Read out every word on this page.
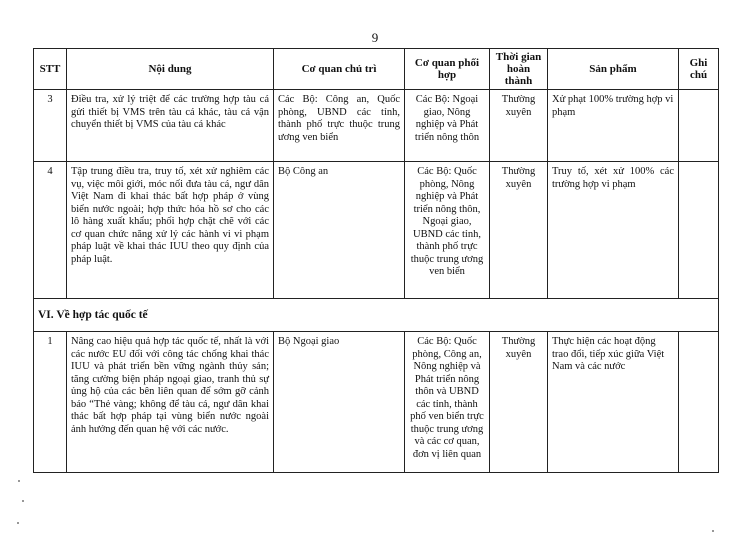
9
STT	Nội dung	Cơ quan chủ trì	Cơ quan phối hợp	Thời gian hoàn thành	Sản phẩm	Ghi chú
3	Điều tra, xử lý triệt để các trường hợp tàu cá gửi thiết bị VMS trên tàu cá khác, tàu cá vận chuyển thiết bị VMS của tàu cá khác	Các Bộ: Công an, Quốc phòng, UBND các tỉnh, thành phố trực thuộc trung ương ven biển	Các Bộ: Ngoại giao, Nông nghiệp và Phát triển nông thôn	Thường xuyên	Xử phạt 100% trường hợp vi phạm	
4	Tập trung điều tra, truy tố, xét xử nghiêm các vụ, việc môi giới, móc nối đưa tàu cá, ngư dân Việt Nam đi khai thác bất hợp pháp ở vùng biển nước ngoài; hợp thức hóa hồ sơ cho các lô hàng xuất khẩu; phối hợp chặt chẽ với các cơ quan chức năng xử lý các hành vi vi phạm pháp luật về khai thác IUU theo quy định của pháp luật.	Bộ Công an	Các Bộ: Quốc phòng, Nông nghiệp và Phát triển nông thôn, Ngoại giao, UBND các tỉnh, thành phố trực thuộc trung ương ven biển	Thường xuyên	Truy tố, xét xử 100% các trường hợp vi phạm	
VI. Về hợp tác quốc tế						
1	Nâng cao hiệu quả hợp tác quốc tế, nhất là với các nước EU đối với công tác chống khai thác IUU và phát triển bền vững ngành thủy sản; tăng cường biện pháp ngoại giao, tranh thủ sự ủng hộ của các bên liên quan để sớm gỡ cảnh báo “Thẻ vàng; không để tàu cá, ngư dân khai thác bất hợp pháp tại vùng biển nước ngoài ảnh hưởng đến quan hệ với các nước.	Bộ Ngoại giao	Các Bộ: Quốc phòng, Công an, Nông nghiệp và Phát triển nông thôn và UBND các tỉnh, thành phố ven biển trực thuộc trung ương và các cơ quan, đơn vị liên quan	Thường xuyên	Thực hiện các hoạt động trao đổi, tiếp xúc giữa Việt Nam và các nước	
